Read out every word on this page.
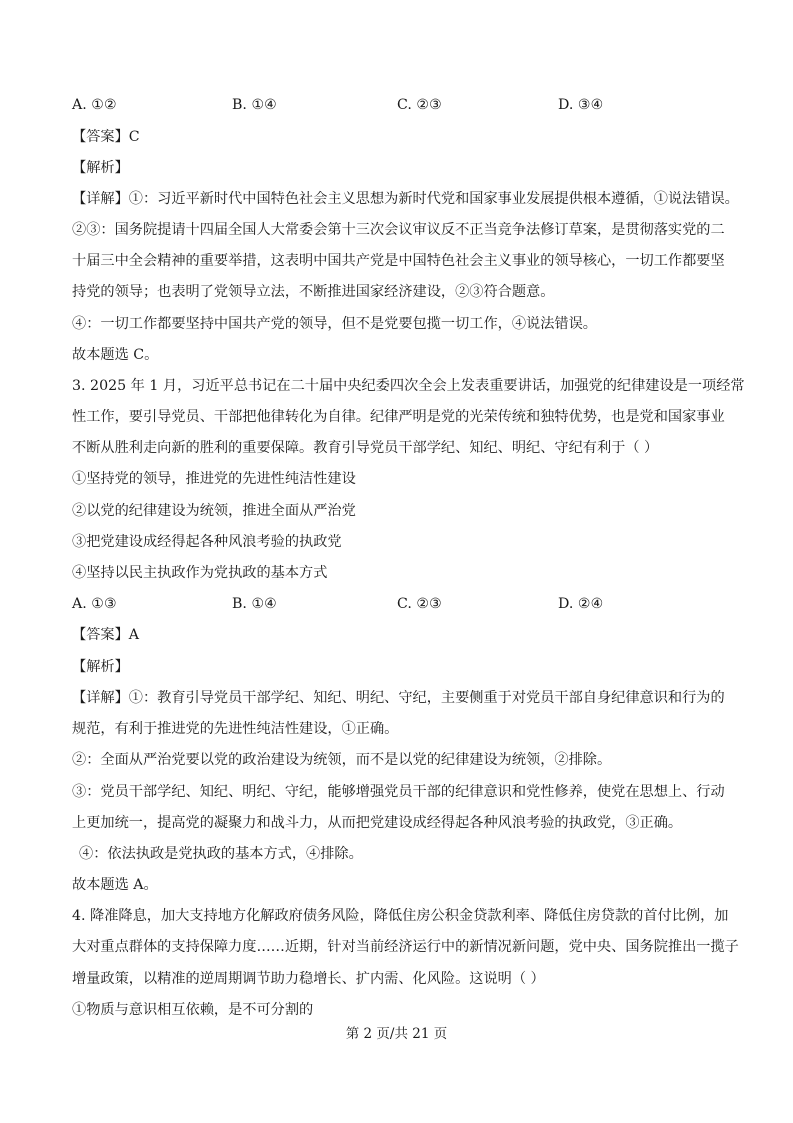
A. ①②	B. ①④	C. ②③	D. ③④
【答案】C
【解析】
【详解】①：习近平新时代中国特色社会主义思想为新时代党和国家事业发展提供根本遵循，①说法错误。
②③：国务院提请十四届全国人大常委会第十三次会议审议反不正当竞争法修订草案，是贯彻落实党的二
十届三中全会精神的重要举措，这表明中国共产党是中国特色社会主义事业的领导核心，一切工作都要坚
持党的领导；也表明了党领导立法，不断推进国家经济建设，②③符合题意。
④：一切工作都要坚持中国共产党的领导，但不是党要包揽一切工作，④说法错误。
故本题选 C。
3. 2025 年 1 月，习近平总书记在二十届中央纪委四次全会上发表重要讲话，加强党的纪律建设是一项经常
性工作，要引导党员、干部把他律转化为自律。纪律严明是党的光荣传统和独特优势，也是党和国家事业
不断从胜利走向新的胜利的重要保障。教育引导党员干部学纪、知纪、明纪、守纪有利于（ ）
①坚持党的领导，推进党的先进性纯洁性建设
②以党的纪律建设为统领，推进全面从严治党
③把党建设成经得起各种风浪考验的执政党
④坚持以民主执政作为党执政的基本方式
A. ①③	B. ①④	C. ②③	D. ②④
【答案】A
【解析】
【详解】①：教育引导党员干部学纪、知纪、明纪、守纪，主要侧重于对党员干部自身纪律意识和行为的
规范，有利于推进党的先进性纯洁性建设，①正确。
②：全面从严治党要以党的政治建设为统领，而不是以党的纪律建设为统领，②排除。
③：党员干部学纪、知纪、明纪、守纪，能够增强党员干部的纪律意识和党性修养，使党在思想上、行动
上更加统一，提高党的凝聚力和战斗力，从而把党建设成经得起各种风浪考验的执政党，③正确。
④：依法执政是党执政的基本方式，④排除。
故本题选 A。
4. 降准降息，加大支持地方化解政府债务风险，降低住房公积金贷款利率、降低住房贷款的首付比例，加
大对重点群体的支持保障力度……近期，针对当前经济运行中的新情况新问题，党中央、国务院推出一揽子
增量政策，以精准的逆周期调节助力稳增长、扩内需、化风险。这说明（ ）
①物质与意识相互依赖，是不可分割的
第 2 页/共 21 页
